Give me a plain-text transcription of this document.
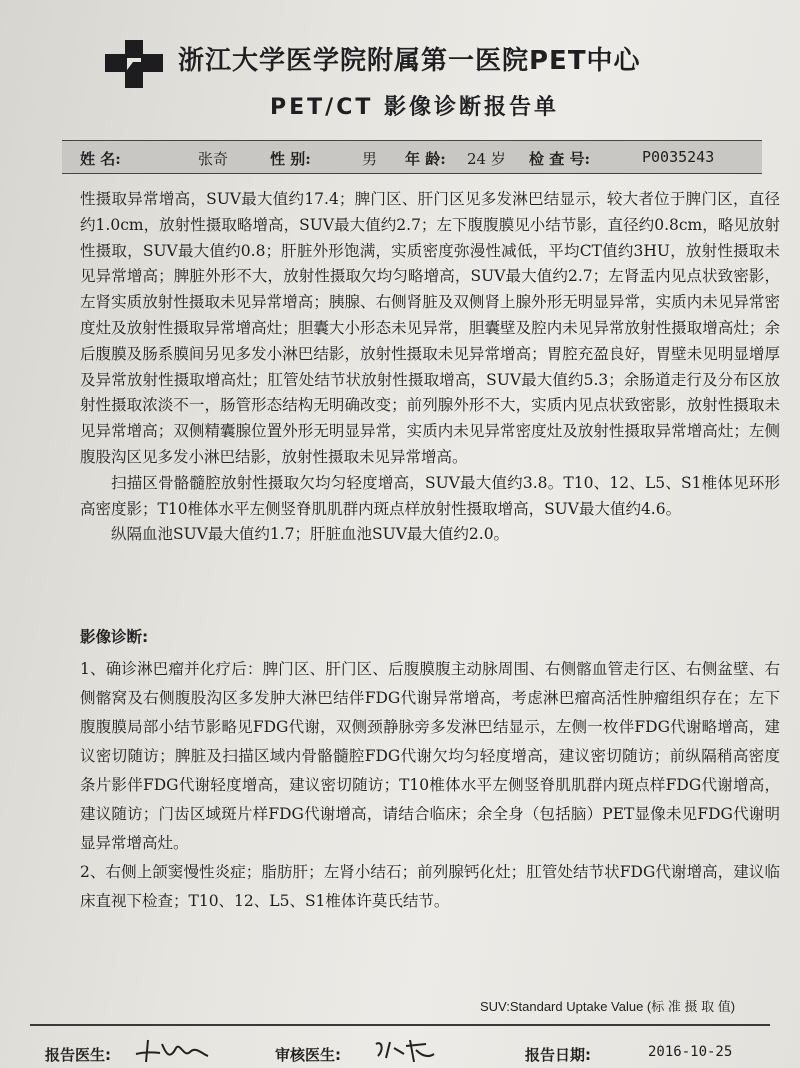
浙江大学医学院附属第一医院PET中心
PET/CT 影像诊断报告单
姓 名:	张奇	性 别:	男 年 龄: 24 岁 检 查 号:	P0035243

性摄取异常增高，SUV最大值约17.4；脾门区、肝门区见多发淋巴结显示，较大者位于脾门区，直径约1.0cm，放射性摄取略增高，SUV最大值约2.7；左下腹腹膜见小结节影，直径约0.8cm，略见放射性摄取，SUV最大值约0.8；肝脏外形饱满，实质密度弥漫性减低，平均CT值约3HU，放射性摄取未见异常增高；脾脏外形不大，放射性摄取欠均匀略增高，SUV最大值约2.7；左肾盂内见点状致密影，左肾实质放射性摄取未见异常增高；胰腺、右侧肾脏及双侧肾上腺外形无明显异常，实质内未见异常密度灶及放射性摄取异常增高灶；胆囊大小形态未见异常，胆囊壁及腔内未见异常放射性摄取增高灶；余后腹膜及肠系膜间另见多发小淋巴结影，放射性摄取未见异常增高；胃腔充盈良好，胃壁未见明显增厚及异常放射性摄取增高灶；肛管处结节状放射性摄取增高，SUV最大值约5.3；余肠道走行及分布区放射性摄取浓淡不一，肠管形态结构无明确改变；前列腺外形不大，实质内见点状致密影，放射性摄取未见异常增高；双侧精囊腺位置外形无明显异常，实质内未见异常密度灶及放射性摄取异常增高灶；左侧腹股沟区见多发小淋巴结影，放射性摄取未见异常增高。

扫描区骨骼髓腔放射性摄取欠均匀轻度增高，SUV最大值约3.8。T10、12、L5、S1椎体见环形高密度影；T10椎体水平左侧竖脊肌肌群内斑点样放射性摄取增高，SUV最大值约4.6。

纵隔血池SUV最大值约1.7；肝脏血池SUV最大值约2.0。

影像诊断:

1、确诊淋巴瘤并化疗后：脾门区、肝门区、后腹膜腹主动脉周围、右侧髂血管走行区、右侧盆壁、右侧髂窝及右侧腹股沟区多发肿大淋巴结伴FDG代谢异常增高，考虑淋巴瘤高活性肿瘤组织存在；左下腹腹膜局部小结节影略见FDG代谢，双侧颈静脉旁多发淋巴结显示，左侧一枚伴FDG代谢略增高，建议密切随访；脾脏及扫描区域内骨骼髓腔FDG代谢欠均匀轻度增高，建议密切随访；前纵隔稍高密度条片影伴FDG代谢轻度增高，建议密切随访；T10椎体水平左侧竖脊肌肌群内斑点样FDG代谢增高，建议随访；门齿区域斑片样FDG代谢增高，请结合临床；余全身（包括脑）PET显像未见FDG代谢明显异常增高灶。

2、右侧上颌窦慢性炎症；脂肪肝；左肾小结石；前列腺钙化灶；肛管处结节状FDG代谢增高，建议临床直视下检查；T10、12、L5、S1椎体许莫氏结节。

SUV:Standard Uptake Value (标 准 摄 取 值)
报告医生:	审核医生:	报告日期:	2016-10-25
